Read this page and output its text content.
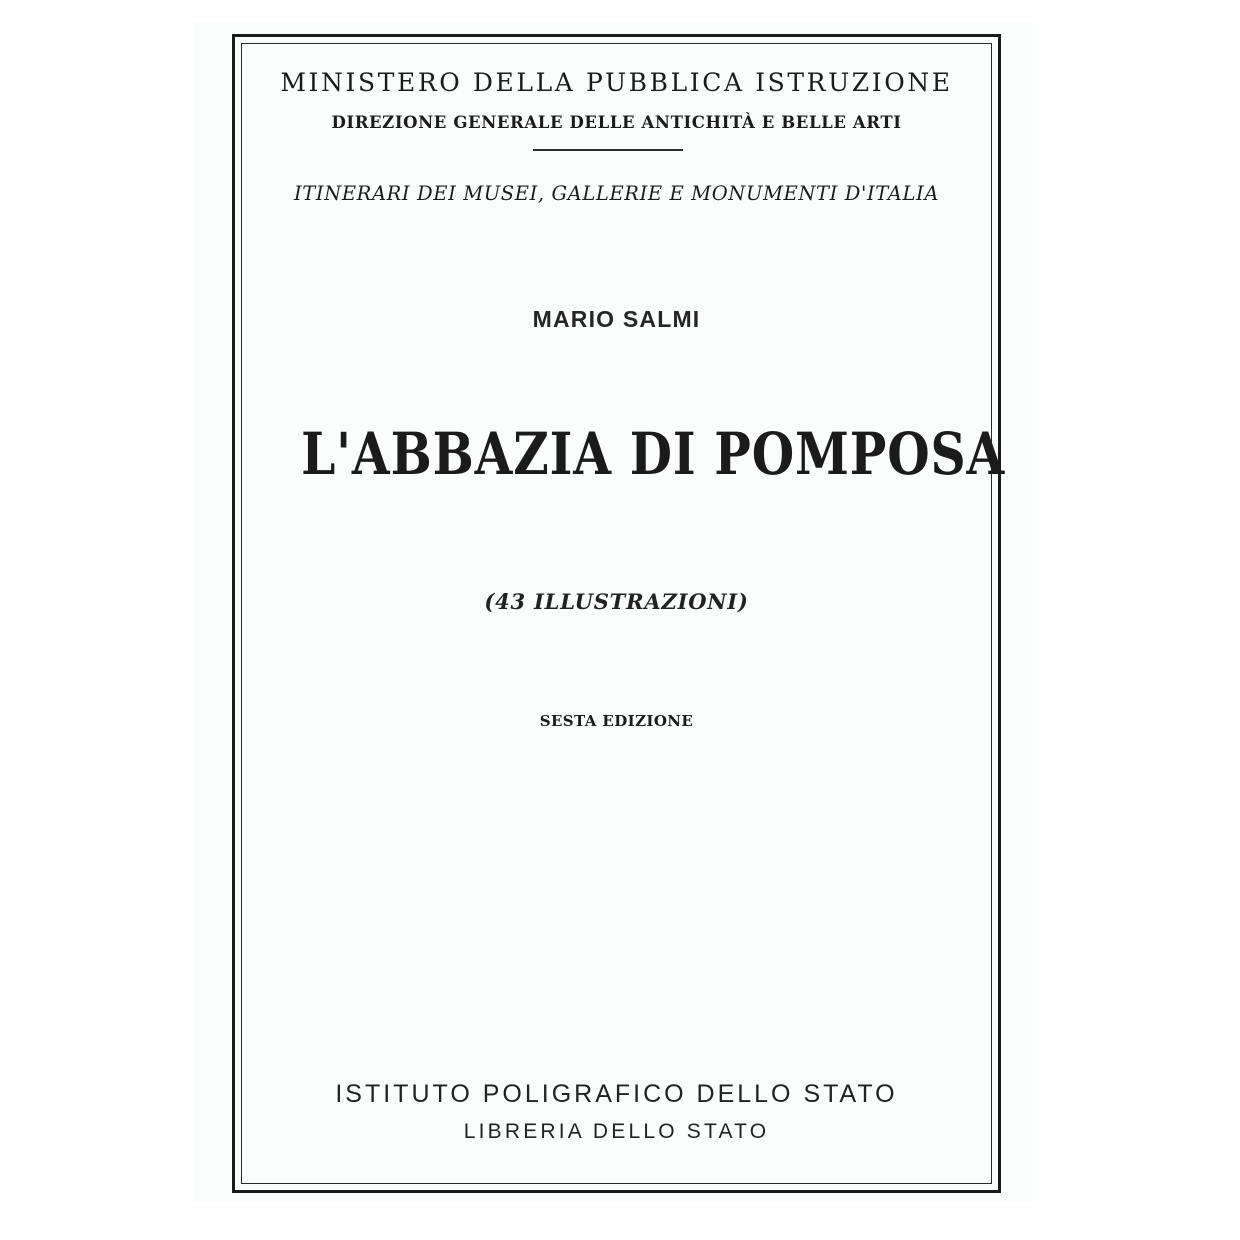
MINISTERO DELLA PUBBLICA ISTRUZIONE
DIREZIONE GENERALE DELLE ANTICHITÀ E BELLE ARTI
ITINERARI DEI MUSEI, GALLERIE E MONUMENTI D'ITALIA
MARIO SALMI
L'ABBAZIA DI POMPOSA
(43 ILLUSTRAZIONI)
SESTA EDIZIONE
ISTITUTO POLIGRAFICO DELLO STATO
LIBRERIA DELLO STATO
